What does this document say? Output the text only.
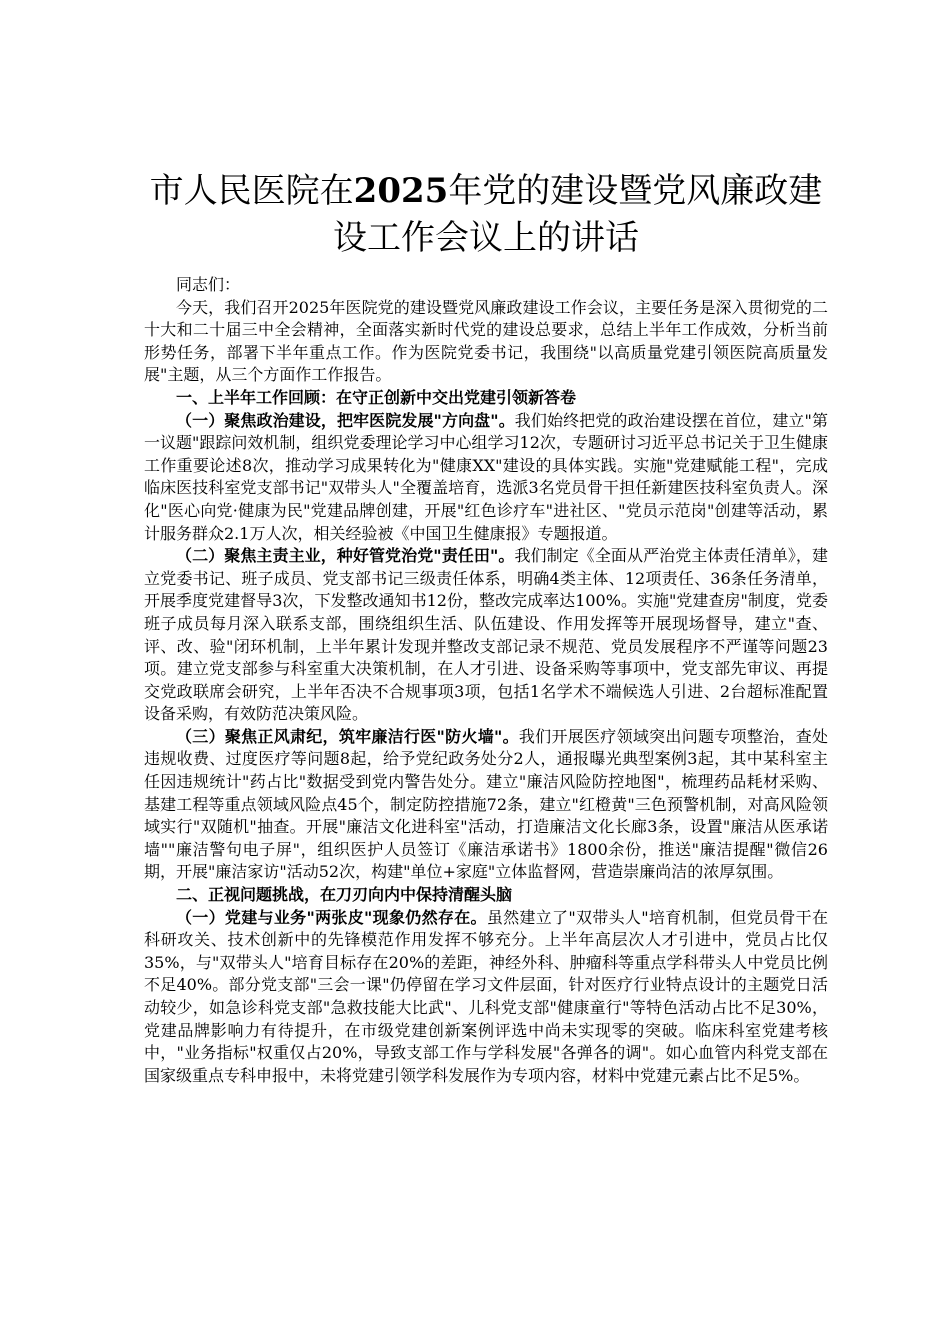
市人民医院在2025年党的建设暨党风廉政建设工作会议上的讲话

同志们：

今天，我们召开2025年医院党的建设暨党风廉政建设工作会议，主要任务是深入贯彻党的二十大和二十届三中全会精神，全面落实新时代党的建设总要求，总结上半年工作成效，分析当前形势任务，部署下半年重点工作。作为医院党委书记，我围绕"以高质量党建引领医院高质量发展"主题，从三个方面作工作报告。

一、上半年工作回顾：在守正创新中交出党建引领新答卷

（一）聚焦政治建设，把牢医院发展"方向盘"。我们始终把党的政治建设摆在首位，建立"第一议题"跟踪问效机制，组织党委理论学习中心组学习12次，专题研讨习近平总书记关于卫生健康工作重要论述8次，推动学习成果转化为"健康XX"建设的具体实践。实施"党建赋能工程"，完成临床医技科室党支部书记"双带头人"全覆盖培育，选派3名党员骨干担任新建医技科室负责人。深化"医心向党·健康为民"党建品牌创建，开展"红色诊疗车"进社区、"党员示范岗"创建等活动，累计服务群众2.1万人次，相关经验被《中国卫生健康报》专题报道。

（二）聚焦主责主业，种好管党治党"责任田"。我们制定《全面从严治党主体责任清单》，建立党委书记、班子成员、党支部书记三级责任体系，明确4类主体、12项责任、36条任务清单，开展季度党建督导3次，下发整改通知书12份，整改完成率达100%。实施"党建查房"制度，党委班子成员每月深入联系支部，围绕组织生活、队伍建设、作用发挥等开展现场督导，建立"查、评、改、验"闭环机制，上半年累计发现并整改支部记录不规范、党员发展程序不严谨等问题23项。建立党支部参与科室重大决策机制，在人才引进、设备采购等事项中，党支部先审议、再提交党政联席会研究，上半年否决不合规事项3项，包括1名学术不端候选人引进、2台超标准配置设备采购，有效防范决策风险。

（三）聚焦正风肃纪，筑牢廉洁行医"防火墙"。我们开展医疗领域突出问题专项整治，查处违规收费、过度医疗等问题8起，给予党纪政务处分2人，通报曝光典型案例3起，其中某科室主任因违规统计"药占比"数据受到党内警告处分。建立"廉洁风险防控地图"，梳理药品耗材采购、基建工程等重点领域风险点45个，制定防控措施72条，建立"红橙黄"三色预警机制，对高风险领域实行"双随机"抽查。开展"廉洁文化进科室"活动，打造廉洁文化长廊3条，设置"廉洁从医承诺墙""廉洁警句电子屏"，组织医护人员签订《廉洁承诺书》1800余份，推送"廉洁提醒"微信26期，开展"廉洁家访"活动52次，构建"单位+家庭"立体监督网，营造崇廉尚洁的浓厚氛围。

二、正视问题挑战，在刀刃向内中保持清醒头脑

（一）党建与业务"两张皮"现象仍然存在。虽然建立了"双带头人"培育机制，但党员骨干在科研攻关、技术创新中的先锋模范作用发挥不够充分。上半年高层次人才引进中，党员占比仅35%，与"双带头人"培育目标存在20%的差距，神经外科、肿瘤科等重点学科带头人中党员比例不足40%。部分党支部"三会一课"仍停留在学习文件层面，针对医疗行业特点设计的主题党日活动较少，如急诊科党支部"急救技能大比武"、儿科党支部"健康童行"等特色活动占比不足30%，党建品牌影响力有待提升，在市级党建创新案例评选中尚未实现零的突破。临床科室党建考核中，"业务指标"权重仅占20%，导致支部工作与学科发展"各弹各的调"。如心血管内科党支部在国家级重点专科申报中，未将党建引领学科发展作为专项内容，材料中党建元素占比不足5%。
